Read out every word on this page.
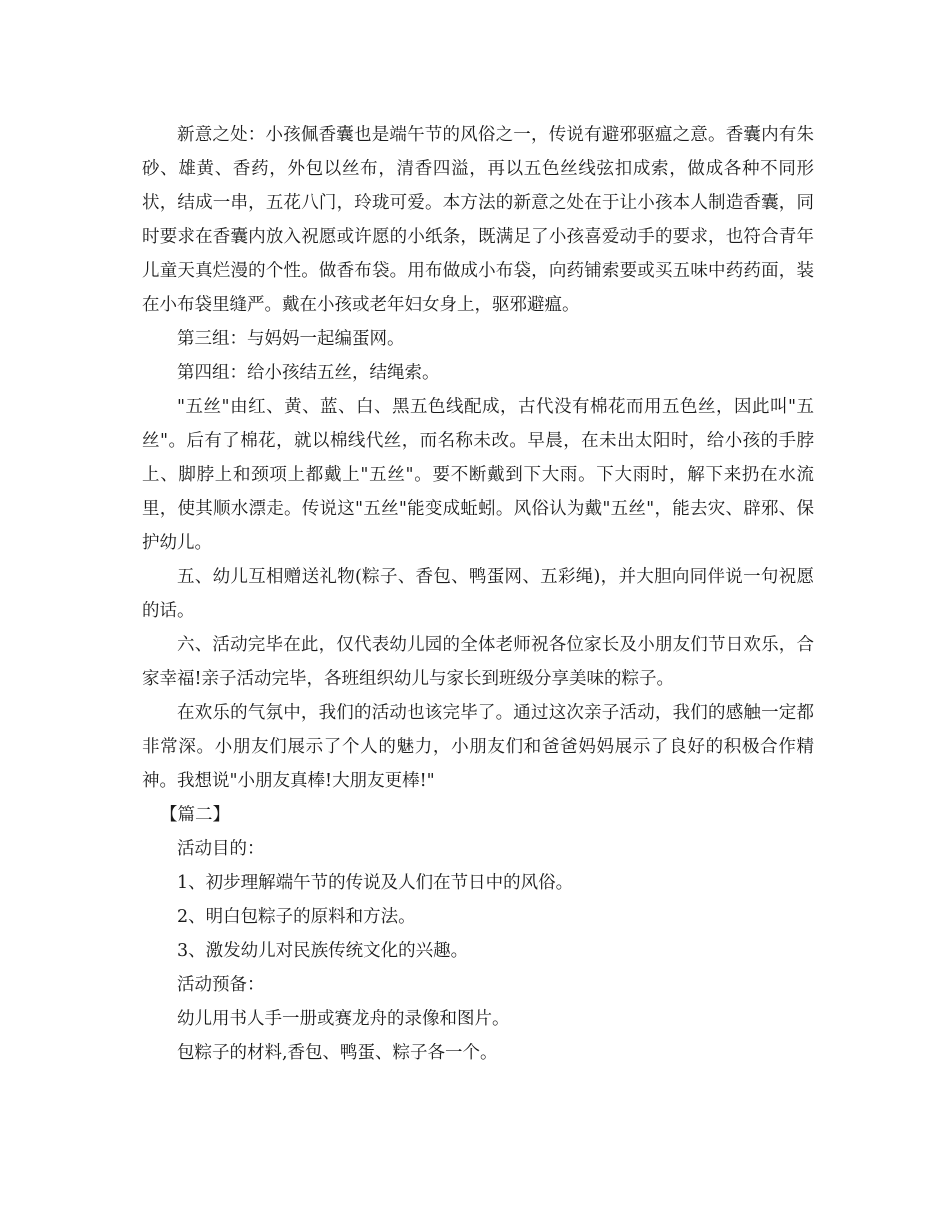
新意之处：小孩佩香囊也是端午节的风俗之一，传说有避邪驱瘟之意。香囊内有朱砂、雄黄、香药，外包以丝布，清香四溢，再以五色丝线弦扣成索，做成各种不同形状，结成一串，五花八门，玲珑可爱。本方法的新意之处在于让小孩本人制造香囊，同时要求在香囊内放入祝愿或许愿的小纸条，既满足了小孩喜爱动手的要求，也符合青年儿童天真烂漫的个性。做香布袋。用布做成小布袋，向药铺索要或买五味中药药面，装在小布袋里缝严。戴在小孩或老年妇女身上，驱邪避瘟。

第三组：与妈妈一起编蛋网。

第四组：给小孩结五丝，结绳索。

"五丝"由红、黄、蓝、白、黑五色线配成，古代没有棉花而用五色丝，因此叫"五丝"。后有了棉花，就以棉线代丝，而名称未改。早晨，在未出太阳时，给小孩的手脖上、脚脖上和颈项上都戴上"五丝"。要不断戴到下大雨。下大雨时，解下来扔在水流里，使其顺水漂走。传说这"五丝"能变成蚯蚓。风俗认为戴"五丝"，能去灾、辟邪、保护幼儿。

五、幼儿互相赠送礼物(粽子、香包、鸭蛋网、五彩绳)，并大胆向同伴说一句祝愿的话。

六、活动完毕在此，仅代表幼儿园的全体老师祝各位家长及小朋友们节日欢乐，合家幸福!亲子活动完毕，各班组织幼儿与家长到班级分享美味的粽子。

在欢乐的气氛中，我们的活动也该完毕了。通过这次亲子活动，我们的感触一定都非常深。小朋友们展示了个人的魅力，小朋友们和爸爸妈妈展示了良好的积极合作精神。我想说"小朋友真棒!大朋友更棒!"

【篇二】

活动目的：

1、初步理解端午节的传说及人们在节日中的风俗。

2、明白包粽子的原料和方法。

3、激发幼儿对民族传统文化的兴趣。

活动预备：

幼儿用书人手一册或赛龙舟的录像和图片。

包粽子的材料,香包、鸭蛋、粽子各一个。
